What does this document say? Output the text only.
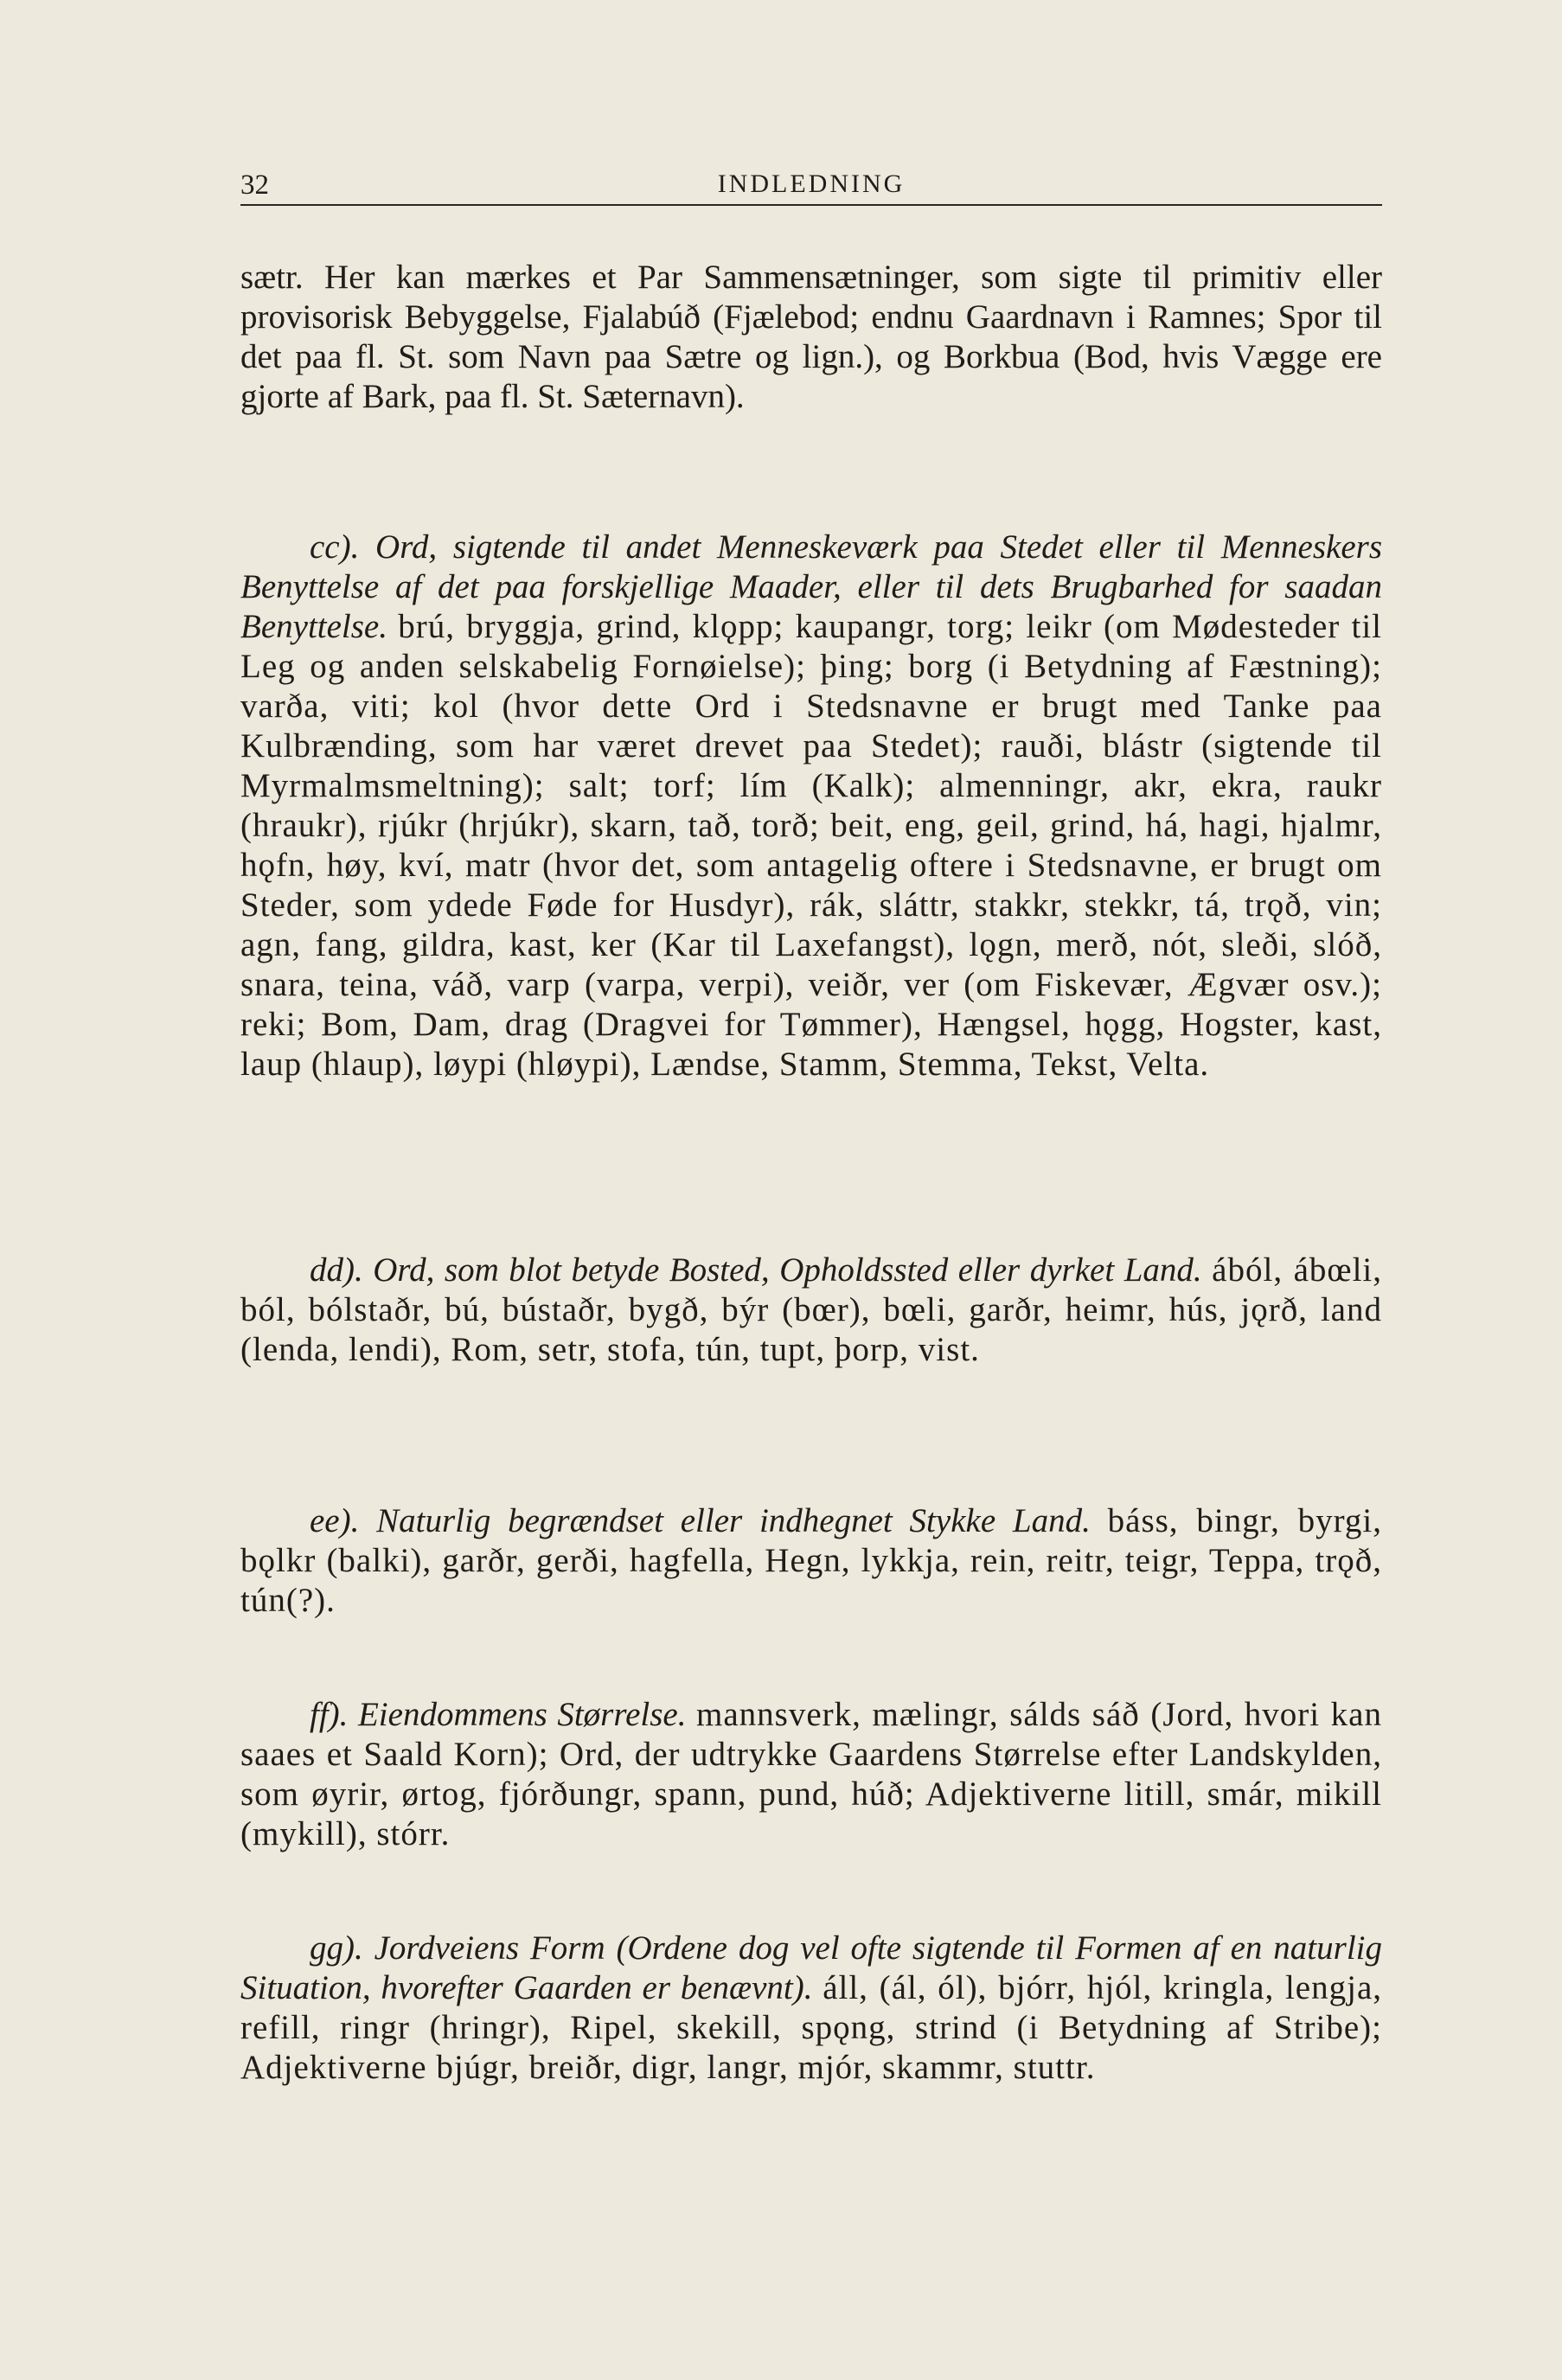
32	INDLEDNING

sætr. Her kan mærkes et Par Sammensætninger, som sigte til primitiv eller provisorisk Bebyggelse, Fjalabúð (Fjælebod; endnu Gaardnavn i Ramnes; Spor til det paa fl. St. som Navn paa Sætre og lign.), og Borkbua (Bod, hvis Vægge ere gjorte af Bark, paa fl. St. Sæternavn).

cc). Ord, sigtende til andet Menneskeværk paa Stedet eller til Menneskers Benyttelse af det paa forskjellige Maader, eller til dets Brugbarhed for saadan Benyttelse. brú, bryggja, grind, klǫpp; kaupangr, torg; leikr (om Mødesteder til Leg og anden selskabelig Fornøielse); þing; borg (i Betydning af Fæstning); varða, viti; kol (hvor dette Ord i Stedsnavne er brugt med Tanke paa Kulbrænding, som har været drevet paa Stedet); rauði, blástr (sigtende til Myrmalmsmeltning); salt; torf; lím (Kalk); almenningr, akr, ekra, raukr (hraukr), rjúkr (hrjúkr), skarn, tað, torð; beit, eng, geil, grind, há, hagi, hjalmr, hǫfn, høy, kví, matr (hvor det, som antagelig oftere i Stedsnavne, er brugt om Steder, som ydede Føde for Husdyr), rák, sláttr, stakkr, stekkr, tá, trǫð, vin; agn, fang, gildra, kast, ker (Kar til Laxefangst), lǫgn, merð, nót, sleði, slóð, snara, teina, váð, varp (varpa, verpi), veiðr, ver (om Fiskevær, Ægvær osv.); reki; Bom, Dam, drag (Dragvei for Tømmer), Hængsel, hǫgg, Hogster, kast, laup (hlaup), løypi (hløypi), Lændse, Stamm, Stemma, Tekst, Velta.

dd). Ord, som blot betyde Bosted, Opholdssted eller dyrket Land. ából, ábœli, ból, bólstaðr, bú, bústaðr, bygð, býr (bœr), bœli, garðr, heimr, hús, jǫrð, land (lenda, lendi), Rom, setr, stofa, tún, tupt, þorp, vist.

ee). Naturlig begrændset eller indhegnet Stykke Land. báss, bingr, byrgi, bǫlkr (balki), garðr, gerði, hagfella, Hegn, lykkja, rein, reitr, teigr, Teppa, trǫð, tún(?).

ff). Eiendommens Størrelse. mannsverk, mælingr, sálds sáð (Jord, hvori kan saaes et Saald Korn); Ord, der udtrykke Gaardens Størrelse efter Landskylden, som øyrir, ørtog, fjórðungr, spann, pund, húð; Adjektiverne litill, smár, mikill (mykill), stórr.

gg). Jordveiens Form (Ordene dog vel ofte sigtende til Formen af en naturlig Situation, hvorefter Gaarden er benævnt). áll, (ál, ól), bjórr, hjól, kringla, lengja, refill, ringr (hringr), Ripel, skekill, spǫng, strind (i Betydning af Stribe); Adjektiverne bjúgr, breiðr, digr, langr, mjór, skammr, stuttr.
